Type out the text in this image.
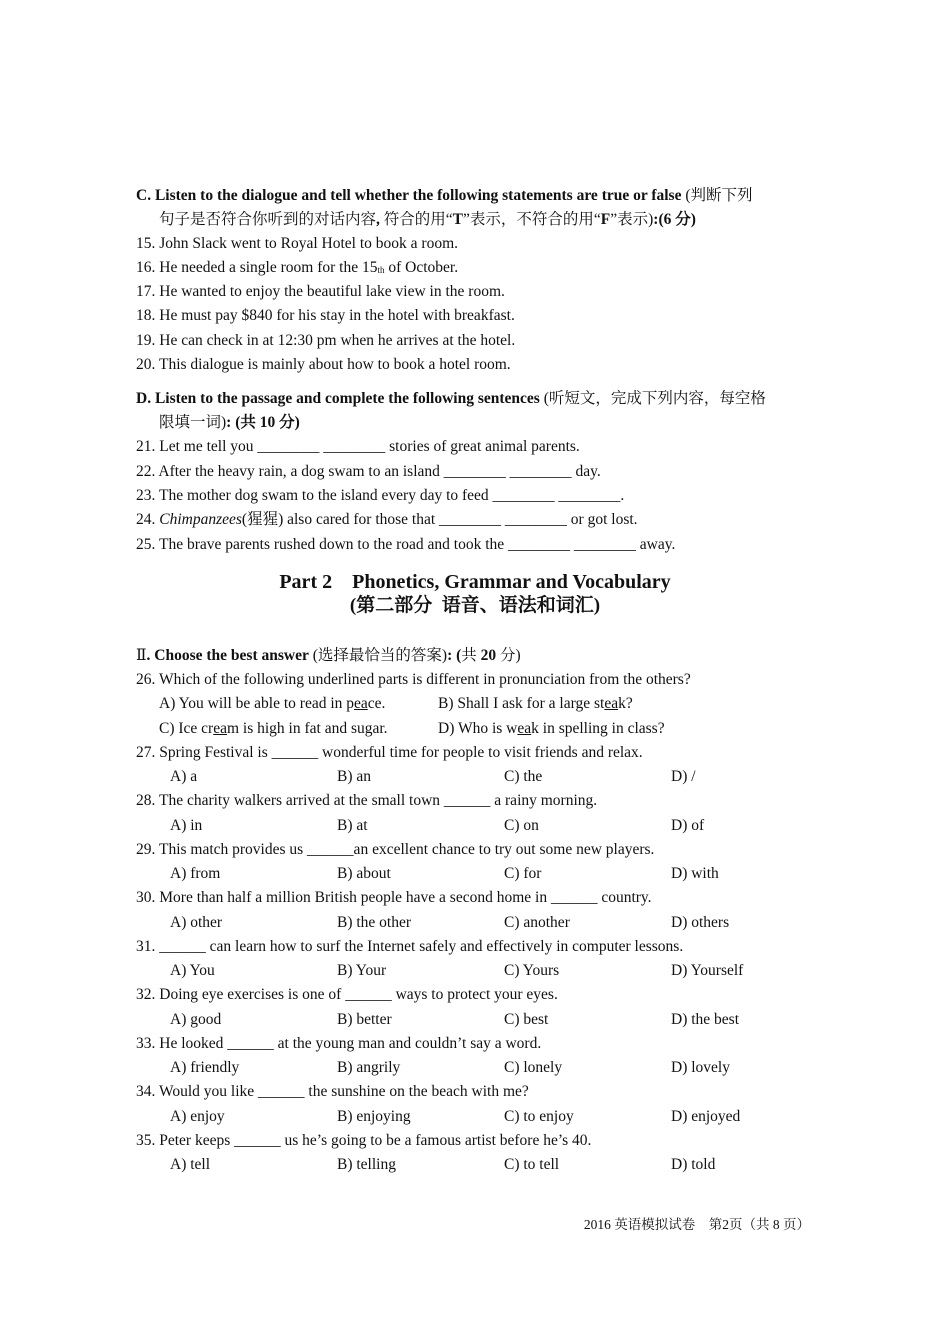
C. Listen to the dialogue and tell whether the following statements are true or false (判断下列
句子是否符合你听到的对话内容, 符合的用“T”表示，不符合的用“F”表示):(6 分)
15. John Slack went to Royal Hotel to book a room.
16. He needed a single room for the 15th of October.
17. He wanted to enjoy the beautiful lake view in the room.
18. He must pay $840 for his stay in the hotel with breakfast.
19. He can check in at 12:30 pm when he arrives at the hotel.
20. This dialogue is mainly about how to book a hotel room.
D. Listen to the passage and complete the following sentences (听短文，完成下列内容，每空格
限填一词): (共 10 分)
21. Let me tell you ________ ________ stories of great animal parents.
22. After the heavy rain, a dog swam to an island ________ ________ day.
23. The mother dog swam to the island every day to feed ________ ________.
24. Chimpanzees(猩猩) also cared for those that ________ ________ or got lost.
25. The brave parents rushed down to the road and took the ________ ________ away.
Part 2    Phonetics, Grammar and Vocabulary
(第二部分  语音、语法和词汇)
Ⅱ. Choose the best answer (选择最恰当的答案): (共 20 分)
26. Which of the following underlined parts is different in pronunciation from the others?
A) You will be able to read in peace.	B) Shall I ask for a large steak?
C) Ice cream is high in fat and sugar.	D) Who is weak in spelling in class?
27. Spring Festival is ______ wonderful time for people to visit friends and relax.
A) a	B) an	C) the	D) /
28. The charity walkers arrived at the small town ______ a rainy morning.
A) in	B) at	C) on	D) of
29. This match provides us ______an excellent chance to try out some new players.
A) from	B) about	C) for	D) with
30. More than half a million British people have a second home in ______ country.
A) other	B) the other	C) another	D) others
31. ______ can learn how to surf the Internet safely and effectively in computer lessons.
A) You	B) Your	C) Yours	D) Yourself
32. Doing eye exercises is one of ______ ways to protect your eyes.
A) good	B) better	C) best	D) the best
33. He looked ______ at the young man and couldn’t say a word.
A) friendly	B) angrily	C) lonely	D) lovely
34. Would you like ______ the sunshine on the beach with me?
A) enjoy	B) enjoying	C) to enjoy	D) enjoyed
35. Peter keeps ______ us he’s going to be a famous artist before he’s 40.
A) tell	B) telling	C) to tell	D) told
2016 英语模拟试卷    第2页（共 8 页）
